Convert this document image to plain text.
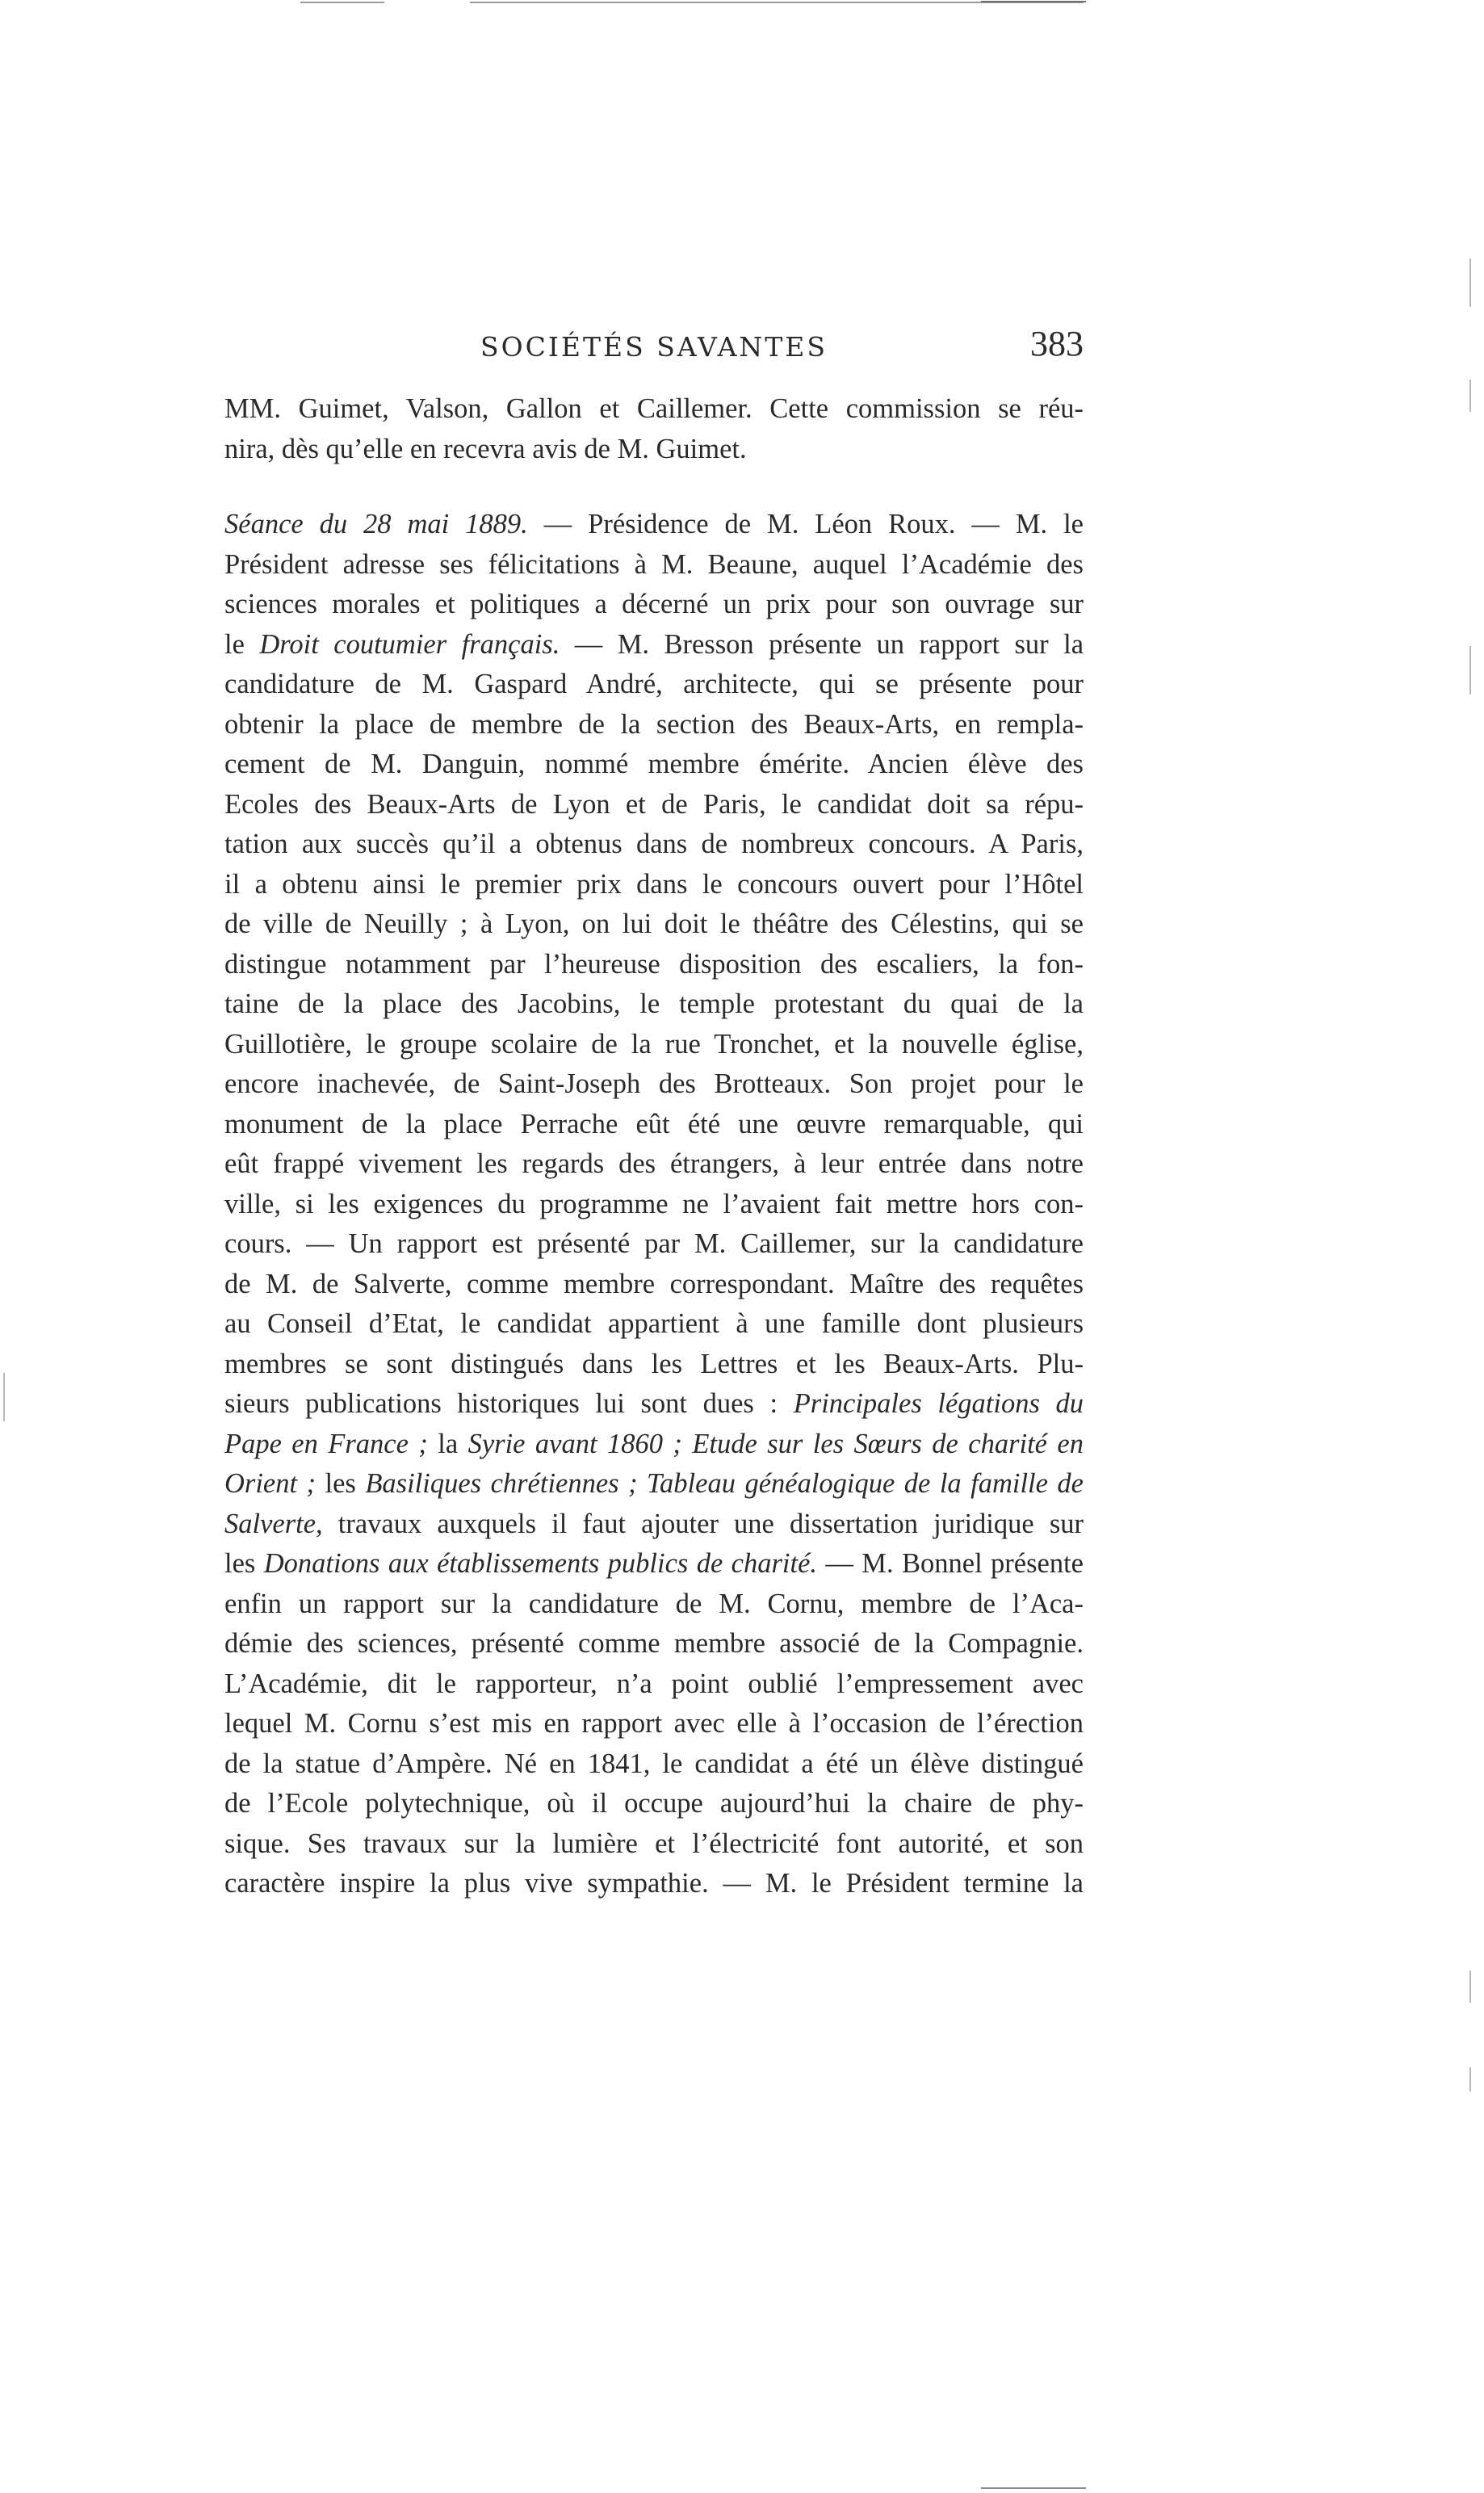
SOCIÉTÉS SAVANTES	383
MM. Guimet, Valson, Gallon et Caillemer. Cette commission se réu-
nira, dès qu’elle en recevra avis de M. Guimet.
Séance du 28 mai 1889. — Présidence de M. Léon Roux. — M. le
Président adresse ses félicitations à M. Beaune, auquel l’Académie des
sciences morales et politiques a décerné un prix pour son ouvrage sur
le Droit coutumier français. — M. Bresson présente un rapport sur la
candidature de M. Gaspard André, architecte, qui se présente pour
obtenir la place de membre de la section des Beaux-Arts, en rempla-
cement de M. Danguin, nommé membre émérite. Ancien élève des
Ecoles des Beaux-Arts de Lyon et de Paris, le candidat doit sa répu-
tation aux succès qu’il a obtenus dans de nombreux concours. A Paris,
il a obtenu ainsi le premier prix dans le concours ouvert pour l’Hôtel
de ville de Neuilly ; à Lyon, on lui doit le théâtre des Célestins, qui se
distingue notamment par l’heureuse disposition des escaliers, la fon-
taine de la place des Jacobins, le temple protestant du quai de la
Guillotière, le groupe scolaire de la rue Tronchet, et la nouvelle église,
encore inachevée, de Saint-Joseph des Brotteaux. Son projet pour le
monument de la place Perrache eût été une œuvre remarquable, qui
eût frappé vivement les regards des étrangers, à leur entrée dans notre
ville, si les exigences du programme ne l’avaient fait mettre hors con-
cours. — Un rapport est présenté par M. Caillemer, sur la candidature
de M. de Salverte, comme membre correspondant. Maître des requêtes
au Conseil d’Etat, le candidat appartient à une famille dont plusieurs
membres se sont distingués dans les Lettres et les Beaux-Arts. Plu-
sieurs publications historiques lui sont dues : Principales légations du
Pape en France ; la Syrie avant 1860 ; Etude sur les Sœurs de charité en
Orient ; les Basiliques chrétiennes ; Tableau généalogique de la famille de
Salverte, travaux auxquels il faut ajouter une dissertation juridique sur
les Donations aux établissements publics de charité. — M. Bonnel présente
enfin un rapport sur la candidature de M. Cornu, membre de l’Aca-
démie des sciences, présenté comme membre associé de la Compagnie.
L’Académie, dit le rapporteur, n’a point oublié l’empressement avec
lequel M. Cornu s’est mis en rapport avec elle à l’occasion de l’érection
de la statue d’Ampère. Né en 1841, le candidat a été un élève distingué
de l’Ecole polytechnique, où il occupe aujourd’hui la chaire de phy-
sique. Ses travaux sur la lumière et l’électricité font autorité, et son
caractère inspire la plus vive sympathie. — M. le Président termine la
